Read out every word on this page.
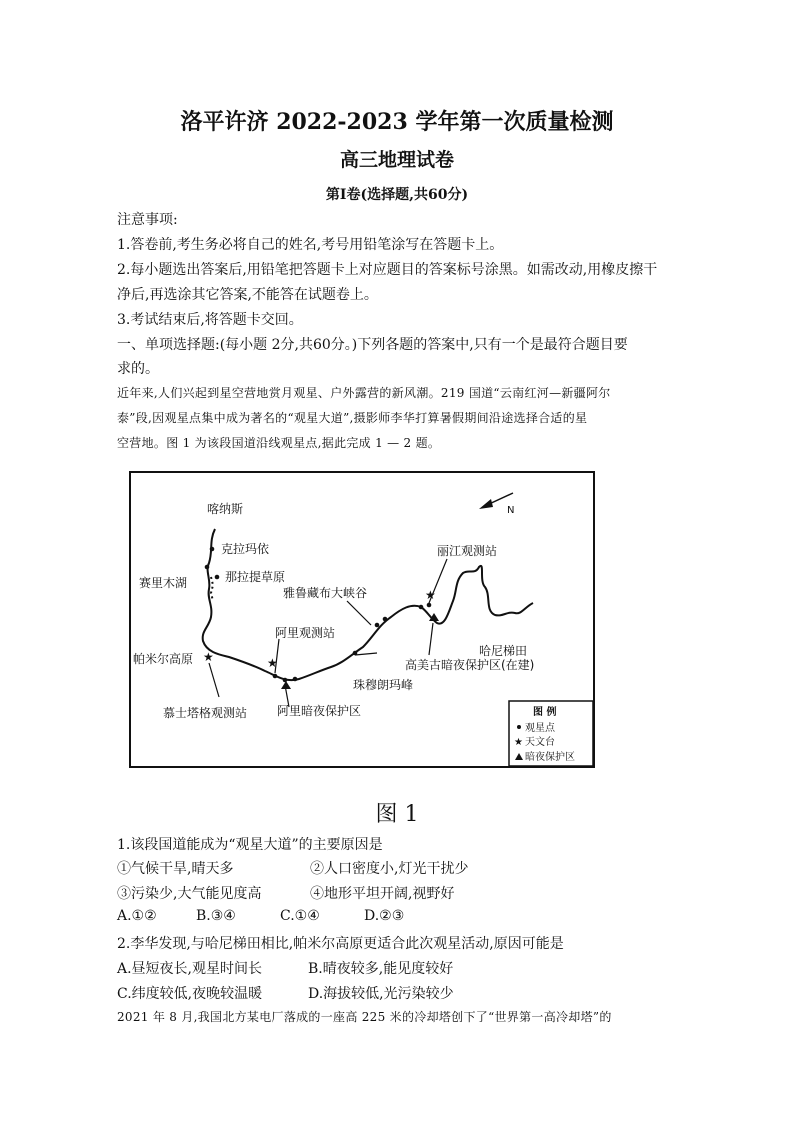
洛平许济 2022-2023 学年第一次质量检测
高三地理试卷
第Ⅰ卷(选择题,共60分)
注意事项:
1.答卷前,考生务必将自己的姓名,考号用铅笔涂写在答题卡上。
2.每小题选出答案后,用铅笔把答题卡上对应题目的答案标号涂黑。如需改动,用橡皮擦干
净后,再选涂其它答案,不能答在试题卷上。
3.考试结束后,将答题卡交回。
一、单项选择题:(每小题 2分,共60分。)下列各题的答案中,只有一个是最符合题目要
求的。
近年来,人们兴起到星空营地赏月观星、户外露营的新风潮。219 国道“云南红河—新疆阿尔
泰”段,因观星点集中成为著名的“观星大道”,摄影师李华打算暑假期间沿途选择合适的星
空营地。图 1 为该段国道沿线观星点,据此完成 1 — 2 题。
★	★
★
喀纳斯
克拉玛依
那拉提草原
赛里木湖
雅鲁藏布大峡谷
丽江观测站
哈尼梯田
帕米尔高原
阿里观测站
高美古暗夜保护区(在建)
珠穆朗玛峰
慕士塔格观测站 阿里暗夜保护区
N
图 例
观星点
★ 天文台
暗夜保护区
图 1
1.该段国道能成为“观星大道”的主要原因是
①气候干旱,晴天多	②人口密度小,灯光干扰少
③污染少,大气能见度高	④地形平坦开阔,视野好
A.①②	B.③④	C.①④	D.②③
2.李华发现,与哈尼梯田相比,帕米尔高原更适合此次观星活动,原因可能是
A.昼短夜长,观星时间长	B.晴夜较多,能见度较好
C.纬度较低,夜晚较温暖	D.海拔较低,光污染较少
2021 年 8 月,我国北方某电厂落成的一座高 225 米的冷却塔创下了“世界第一高冷却塔”的
